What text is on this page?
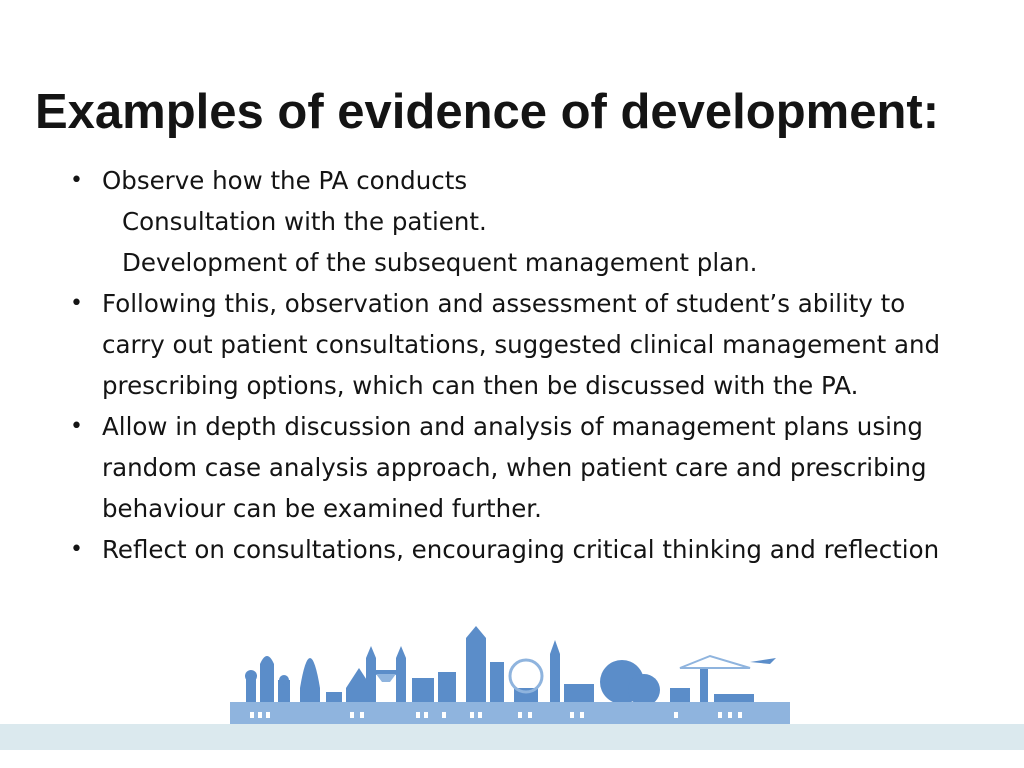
Examples of evidence of development:
• Observe how the PA conducts
Consultation with the patient.
Development of the subsequent management plan.
• Following this, observation and assessment of student’s ability to carry out patient consultations, suggested clinical management and prescribing options, which can then be discussed with the PA.
• Allow in depth discussion and analysis of management plans using random case analysis approach, when patient care and prescribing behaviour can be examined further.
• Reflect on consultations, encouraging critical thinking and reflection
